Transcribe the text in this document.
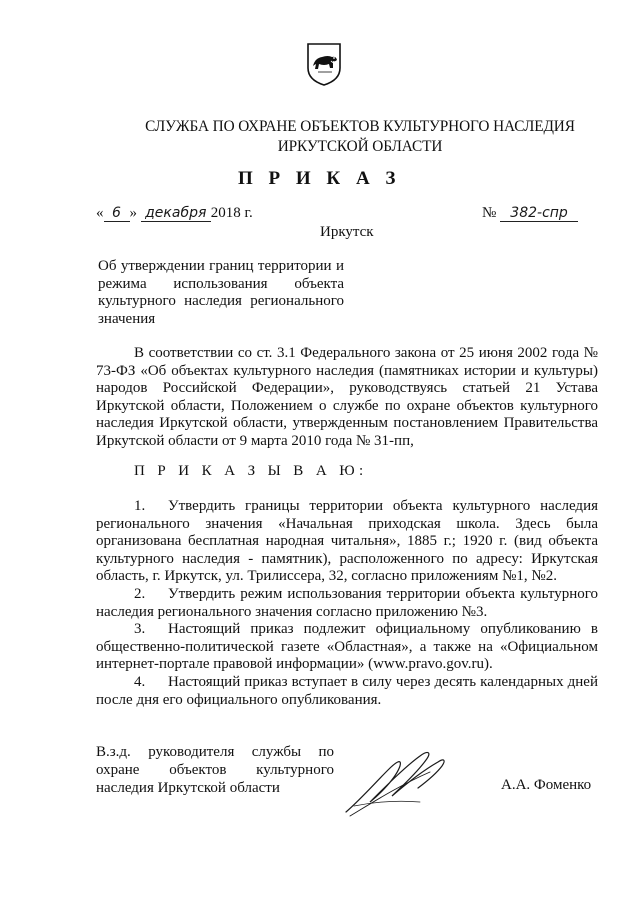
СЛУЖБА ПО ОХРАНЕ ОБЪЕКТОВ КУЛЬТУРНОГО НАСЛЕДИЯ
ИРКУТСКОЙ ОБЛАСТИ
П Р И К А З
« 6 » декабря 2018 г.	№ 382-спр
Иркутск
Об утверждении границ территории и режима использования объекта культурного наследия регионального значения
В соответствии со ст. 3.1 Федерального закона от 25 июня 2002 года № 73-ФЗ «Об объектах культурного наследия (памятниках истории и культуры) народов Российской Федерации», руководствуясь статьей 21 Устава Иркутской области, Положением о службе по охране объектов культурного наследия Иркутской области, утвержденным постановлением Правительства Иркутской области от 9 марта 2010 года № 31-пп,
П Р И К А З Ы В А Ю:
1. Утвердить границы территории объекта культурного наследия регионального значения «Начальная приходская школа. Здесь была организована бесплатная народная читальня», 1885 г.; 1920 г. (вид объекта культурного наследия - памятник), расположенного по адресу: Иркутская область, г. Иркутск, ул. Трилиссера, 32, согласно приложениям №1, №2.
2. Утвердить режим использования территории объекта культурного наследия регионального значения согласно приложению №3.
3. Настоящий приказ подлежит официальному опубликованию в общественно-политической газете «Областная», а также на «Официальном интернет-портале правовой информации» (www.pravo.gov.ru).
4. Настоящий приказ вступает в силу через десять календарных дней после дня его официального опубликования.
В.з.д. руководителя службы по охране объектов культурного наследия Иркутской области	А.А. Фоменко
